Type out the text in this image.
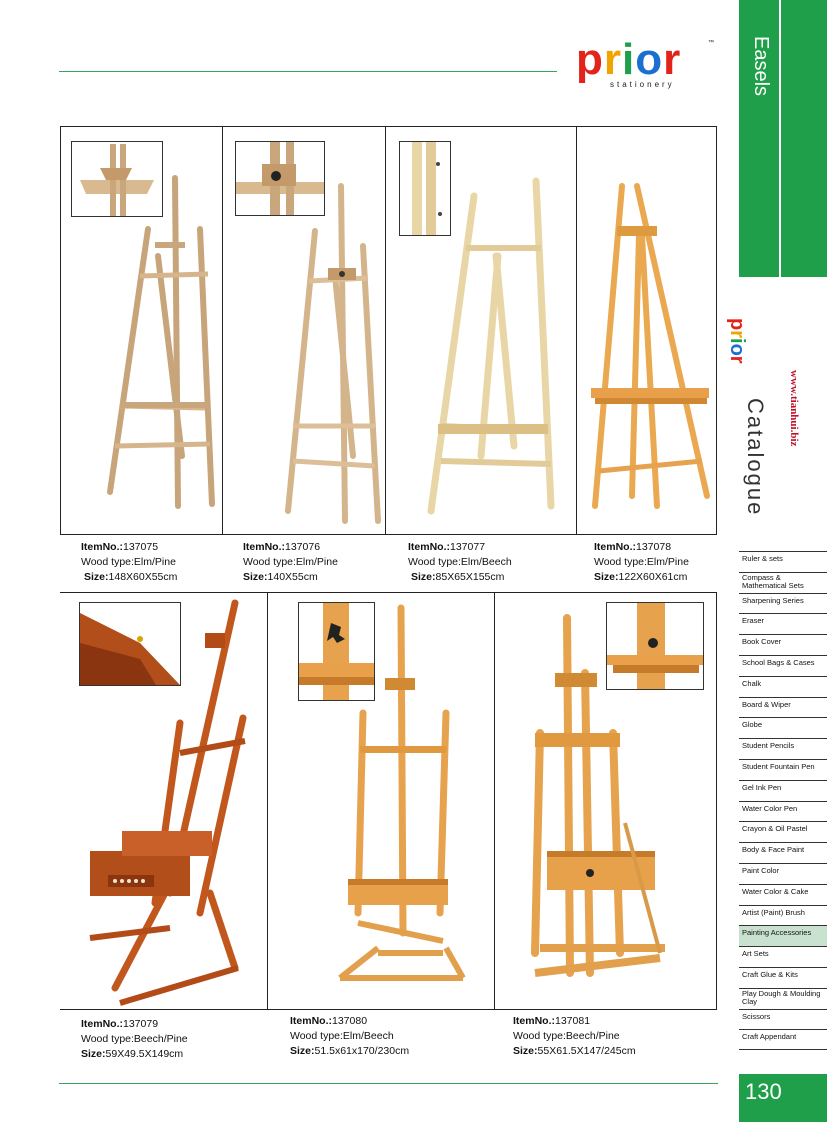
prior	™
stationery	Easels
prior
www.tianhui.biz
Catalogue
Ruler & sets
Compass & Mathematical Sets
Sharpening Series
Eraser
Book Cover
School Bags & Cases
Chalk
Board & Wiper
Globe
Student Pencils
Student Fountain Pen
Gel Ink Pen
Water Color Pen
Crayon & Oil Pastel
Body & Face Paint
Paint Color
Water Color & Cake
Artist (Paint) Brush
Painting Accessories
Art Sets
Craft Glue & Kits
Play Dough & Moulding Clay
Scissors
Craft Appendant
130
ItemNo.:137075
Wood type:Elm/Pine
Size:148X60X55cm
ItemNo.:137076
Wood type:Elm/Pine
Size:140X55cm
ItemNo.:137077
Wood type:Elm/Beech
Size:85X65X155cm
ItemNo.:137078
Wood type:Elm/Pine
Size:122X60X61cm
ItemNo.:137079
Wood type:Beech/Pine
Size:59X49.5X149cm
ItemNo.:137080
Wood type:Elm/Beech
Size:51.5x61x170/230cm
ItemNo.:137081
Wood type:Beech/Pine
Size:55X61.5X147/245cm
